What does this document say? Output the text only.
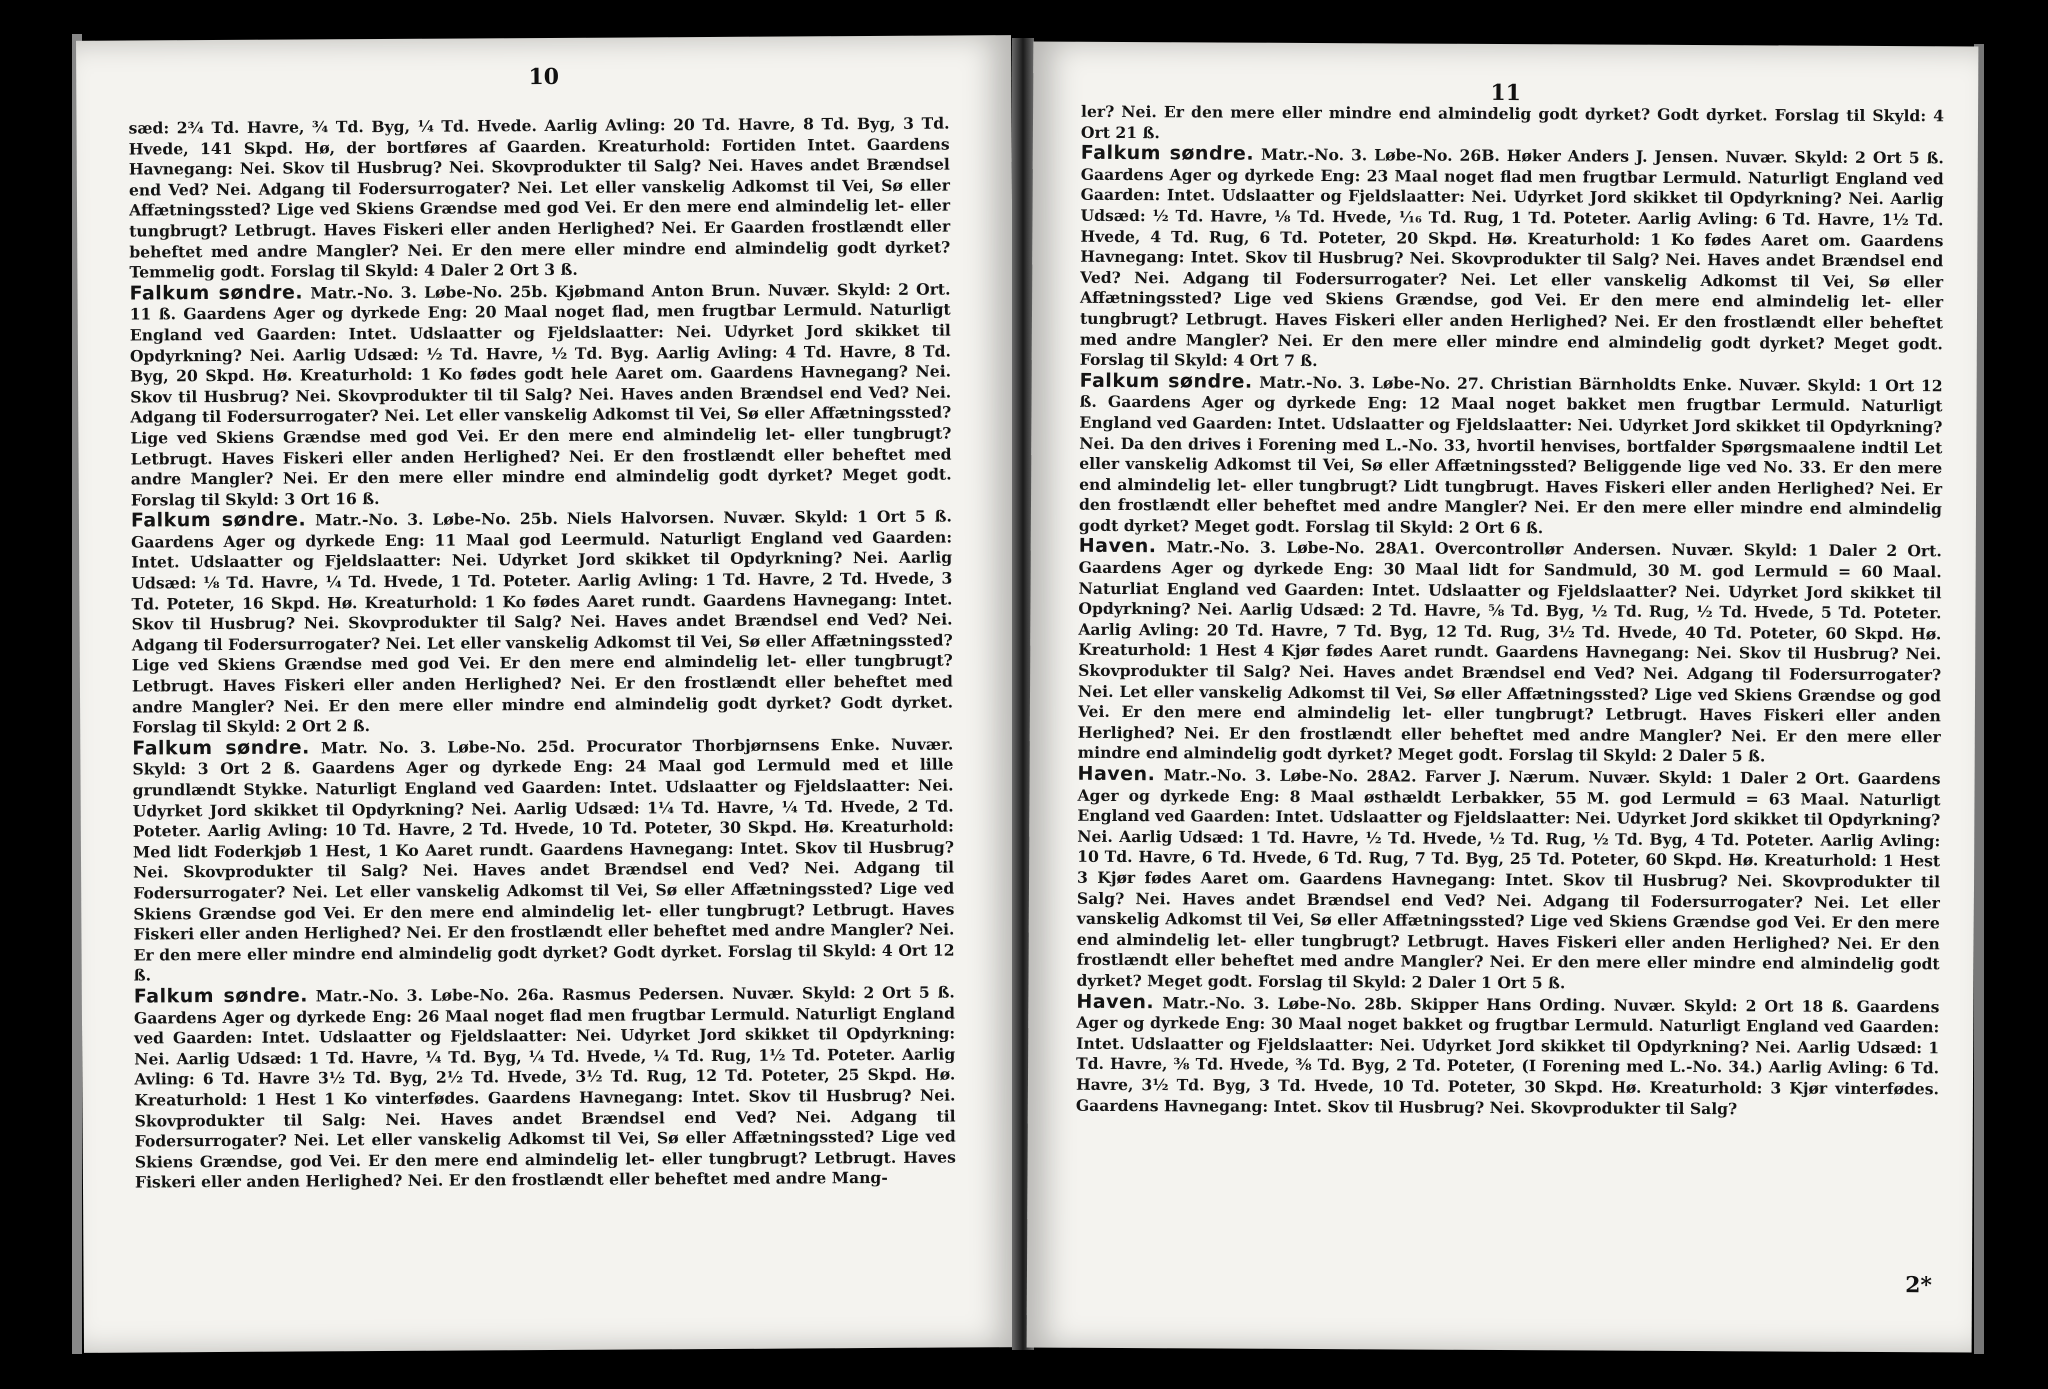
10

sæd: 2¾ Td. Havre, ¾ Td. Byg, ¼ Td. Hvede. Aarlig Avling: 20 Td. Havre, 8 Td. Byg, 3 Td. Hvede, 141 Skpd. Hø, der bortføres af Gaarden. Kreaturhold: Fortiden Intet. Gaardens Havnegang: Nei. Skov til Husbrug? Nei. Skovprodukter til Salg? Nei. Haves andet Brændsel end Ved? Nei. Adgang til Fodersurrogater? Nei. Let eller vanskelig Adkomst til Vei, Sø eller Affætningssted? Lige ved Skiens Grændse med god Vei. Er den mere end almindelig let- eller tungbrugt? Letbrugt. Haves Fiskeri eller anden Herlighed? Nei. Er Gaarden frostlændt eller beheftet med andre Mangler? Nei. Er den mere eller mindre end almindelig godt dyrket? Temmelig godt. Forslag til Skyld: 4 Daler 2 Ort 3 ß.

Falkum søndre. Matr.-No. 3. Løbe-No. 25b. Kjøbmand Anton Brun. Nuvær. Skyld: 2 Ort. 11 ß. Gaardens Ager og dyrkede Eng: 20 Maal noget flad, men frugtbar Lermuld. Naturligt England ved Gaarden: Intet. Udslaatter og Fjeldslaatter: Nei. Udyrket Jord skikket til Opdyrkning? Nei. Aarlig Udsæd: ½ Td. Havre, ½ Td. Byg. Aarlig Avling: 4 Td. Havre, 8 Td. Byg, 20 Skpd. Hø. Kreaturhold: 1 Ko fødes godt hele Aaret om. Gaardens Havnegang? Nei. Skov til Husbrug? Nei. Skovprodukter til til Salg? Nei. Haves anden Brændsel end Ved? Nei. Adgang til Fodersurrogater? Nei. Let eller vanskelig Adkomst til Vei, Sø eller Affætningssted? Lige ved Skiens Grændse med god Vei. Er den mere end almindelig let- eller tungbrugt? Letbrugt. Haves Fiskeri eller anden Herlighed? Nei. Er den frostlændt eller beheftet med andre Mangler? Nei. Er den mere eller mindre end almindelig godt dyrket? Meget godt. Forslag til Skyld: 3 Ort 16 ß.

Falkum søndre. Matr.-No. 3. Løbe-No. 25b. Niels Halvorsen. Nuvær. Skyld: 1 Ort 5 ß. Gaardens Ager og dyrkede Eng: 11 Maal god Leermuld. Naturligt England ved Gaarden: Intet. Udslaatter og Fjeldslaatter: Nei. Udyrket Jord skikket til Opdyrkning? Nei. Aarlig Udsæd: ⅛ Td. Havre, ¼ Td. Hvede, 1 Td. Poteter. Aarlig Avling: 1 Td. Havre, 2 Td. Hvede, 3 Td. Poteter, 16 Skpd. Hø. Kreaturhold: 1 Ko fødes Aaret rundt. Gaardens Havnegang: Intet. Skov til Husbrug? Nei. Skovprodukter til Salg? Nei. Haves andet Brændsel end Ved? Nei. Adgang til Fodersurrogater? Nei. Let eller vanskelig Adkomst til Vei, Sø eller Affætningssted? Lige ved Skiens Grændse med god Vei. Er den mere end almindelig let- eller tungbrugt? Letbrugt. Haves Fiskeri eller anden Herlighed? Nei. Er den frostlændt eller beheftet med andre Mangler? Nei. Er den mere eller mindre end almindelig godt dyrket? Godt dyrket. Forslag til Skyld: 2 Ort 2 ß.

Falkum søndre. Matr. No. 3. Løbe-No. 25d. Procurator Thorbjørnsens Enke. Nuvær. Skyld: 3 Ort 2 ß. Gaardens Ager og dyrkede Eng: 24 Maal god Lermuld med et lille grundlændt Stykke. Naturligt England ved Gaarden: Intet. Udslaatter og Fjeldslaatter: Nei. Udyrket Jord skikket til Opdyrkning? Nei. Aarlig Udsæd: 1¼ Td. Havre, ¼ Td. Hvede, 2 Td. Poteter. Aarlig Avling: 10 Td. Havre, 2 Td. Hvede, 10 Td. Poteter, 30 Skpd. Hø. Kreaturhold: Med lidt Foderkjøb 1 Hest, 1 Ko Aaret rundt. Gaardens Havnegang: Intet. Skov til Husbrug? Nei. Skovprodukter til Salg? Nei. Haves andet Brændsel end Ved? Nei. Adgang til Fodersurrogater? Nei. Let eller vanskelig Adkomst til Vei, Sø eller Affætningssted? Lige ved Skiens Grændse god Vei. Er den mere end almindelig let- eller tungbrugt? Letbrugt. Haves Fiskeri eller anden Herlighed? Nei. Er den frostlændt eller beheftet med andre Mangler? Nei. Er den mere eller mindre end almindelig godt dyrket? Godt dyrket. Forslag til Skyld: 4 Ort 12 ß.

Falkum søndre. Matr.-No. 3. Løbe-No. 26a. Rasmus Pedersen. Nuvær. Skyld: 2 Ort 5 ß. Gaardens Ager og dyrkede Eng: 26 Maal noget flad men frugtbar Lermuld. Naturligt England ved Gaarden: Intet. Udslaatter og Fjeldslaatter: Nei. Udyrket Jord skikket til Opdyrkning: Nei. Aarlig Udsæd: 1 Td. Havre, ¼ Td. Byg, ¼ Td. Hvede, ¼ Td. Rug, 1½ Td. Poteter. Aarlig Avling: 6 Td. Havre 3½ Td. Byg, 2½ Td. Hvede, 3½ Td. Rug, 12 Td. Poteter, 25 Skpd. Hø. Kreaturhold: 1 Hest 1 Ko vinterfødes. Gaardens Havnegang: Intet. Skov til Husbrug? Nei. Skovprodukter til Salg: Nei. Haves andet Brændsel end Ved? Nei. Adgang til Fodersurrogater? Nei. Let eller vanskelig Adkomst til Vei, Sø eller Affætningssted? Lige ved Skiens Grændse, god Vei. Er den mere end almindelig let- eller tungbrugt? Letbrugt. Haves Fiskeri eller anden Herlighed? Nei. Er den frostlændt eller beheftet med andre Mang-

11

ler? Nei. Er den mere eller mindre end almindelig godt dyrket? Godt dyrket. Forslag til Skyld: 4 Ort 21 ß.

Falkum søndre. Matr.-No. 3. Løbe-No. 26B. Høker Anders J. Jensen. Nuvær. Skyld: 2 Ort 5 ß. Gaardens Ager og dyrkede Eng: 23 Maal noget flad men frugtbar Lermuld. Naturligt England ved Gaarden: Intet. Udslaatter og Fjeldslaatter: Nei. Udyrket Jord skikket til Opdyrkning? Nei. Aarlig Udsæd: ½ Td. Havre, ⅛ Td. Hvede, ¹⁄₁₆ Td. Rug, 1 Td. Poteter. Aarlig Avling: 6 Td. Havre, 1½ Td. Hvede, 4 Td. Rug, 6 Td. Poteter, 20 Skpd. Hø. Kreaturhold: 1 Ko fødes Aaret om. Gaardens Havnegang: Intet. Skov til Husbrug? Nei. Skovprodukter til Salg? Nei. Haves andet Brændsel end Ved? Nei. Adgang til Fodersurrogater? Nei. Let eller vanskelig Adkomst til Vei, Sø eller Affætningssted? Lige ved Skiens Grændse, god Vei. Er den mere end almindelig let- eller tungbrugt? Letbrugt. Haves Fiskeri eller anden Herlighed? Nei. Er den frostlændt eller beheftet med andre Mangler? Nei. Er den mere eller mindre end almindelig godt dyrket? Meget godt. Forslag til Skyld: 4 Ort 7 ß.

Falkum søndre. Matr.-No. 3. Løbe-No. 27. Christian Bärnholdts Enke. Nuvær. Skyld: 1 Ort 12 ß. Gaardens Ager og dyrkede Eng: 12 Maal noget bakket men frugtbar Lermuld. Naturligt England ved Gaarden: Intet. Udslaatter og Fjeldslaatter: Nei. Udyrket Jord skikket til Opdyrkning? Nei. Da den drives i Forening med L.-No. 33, hvortil henvises, bortfalder Spørgsmaalene indtil Let eller vanskelig Adkomst til Vei, Sø eller Affætningssted? Beliggende lige ved No. 33. Er den mere end almindelig let- eller tungbrugt? Lidt tungbrugt. Haves Fiskeri eller anden Herlighed? Nei. Er den frostlændt eller beheftet med andre Mangler? Nei. Er den mere eller mindre end almindelig godt dyrket? Meget godt. Forslag til Skyld: 2 Ort 6 ß.

Haven. Matr.-No. 3. Løbe-No. 28A1. Overcontrollør Andersen. Nuvær. Skyld: 1 Daler 2 Ort. Gaardens Ager og dyrkede Eng: 30 Maal lidt for Sandmuld, 30 M. god Lermuld = 60 Maal. Naturliat England ved Gaarden: Intet. Udslaatter og Fjeldslaatter? Nei. Udyrket Jord skikket til Opdyrkning? Nei. Aarlig Udsæd: 2 Td. Havre, ⅝ Td. Byg, ½ Td. Rug, ½ Td. Hvede, 5 Td. Poteter. Aarlig Avling: 20 Td. Havre, 7 Td. Byg, 12 Td. Rug, 3½ Td. Hvede, 40 Td. Poteter, 60 Skpd. Hø. Kreaturhold: 1 Hest 4 Kjør fødes Aaret rundt. Gaardens Havnegang: Nei. Skov til Husbrug? Nei. Skovprodukter til Salg? Nei. Haves andet Brændsel end Ved? Nei. Adgang til Fodersurrogater? Nei. Let eller vanskelig Adkomst til Vei, Sø eller Affætningssted? Lige ved Skiens Grændse og god Vei. Er den mere end almindelig let- eller tungbrugt? Letbrugt. Haves Fiskeri eller anden Herlighed? Nei. Er den frostlændt eller beheftet med andre Mangler? Nei. Er den mere eller mindre end almindelig godt dyrket? Meget godt. Forslag til Skyld: 2 Daler 5 ß.

Haven. Matr.-No. 3. Løbe-No. 28A2. Farver J. Nærum. Nuvær. Skyld: 1 Daler 2 Ort. Gaardens Ager og dyrkede Eng: 8 Maal østhældt Lerbakker, 55 M. god Lermuld = 63 Maal. Naturligt England ved Gaarden: Intet. Udslaatter og Fjeldslaatter: Nei. Udyrket Jord skikket til Opdyrkning? Nei. Aarlig Udsæd: 1 Td. Havre, ½ Td. Hvede, ½ Td. Rug, ½ Td. Byg, 4 Td. Poteter. Aarlig Avling: 10 Td. Havre, 6 Td. Hvede, 6 Td. Rug, 7 Td. Byg, 25 Td. Poteter, 60 Skpd. Hø. Kreaturhold: 1 Hest 3 Kjør fødes Aaret om. Gaardens Havnegang: Intet. Skov til Husbrug? Nei. Skovprodukter til Salg? Nei. Haves andet Brændsel end Ved? Nei. Adgang til Fodersurrogater? Nei. Let eller vanskelig Adkomst til Vei, Sø eller Affætningssted? Lige ved Skiens Grændse god Vei. Er den mere end almindelig let- eller tungbrugt? Letbrugt. Haves Fiskeri eller anden Herlighed? Nei. Er den frostlændt eller beheftet med andre Mangler? Nei. Er den mere eller mindre end almindelig godt dyrket? Meget godt. Forslag til Skyld: 2 Daler 1 Ort 5 ß.

Haven. Matr.-No. 3. Løbe-No. 28b. Skipper Hans Ording. Nuvær. Skyld: 2 Ort 18 ß. Gaardens Ager og dyrkede Eng: 30 Maal noget bakket og frugtbar Lermuld. Naturligt England ved Gaarden: Intet. Udslaatter og Fjeldslaatter: Nei. Udyrket Jord skikket til Opdyrkning? Nei. Aarlig Udsæd: 1 Td. Havre, ⅜ Td. Hvede, ⅜ Td. Byg, 2 Td. Poteter, (I Forening med L.-No. 34.) Aarlig Avling: 6 Td. Havre, 3½ Td. Byg, 3 Td. Hvede, 10 Td. Poteter, 30 Skpd. Hø. Kreaturhold: 3 Kjør vinterfødes. Gaardens Havnegang: Intet. Skov til Husbrug? Nei. Skovprodukter til Salg?

2*
